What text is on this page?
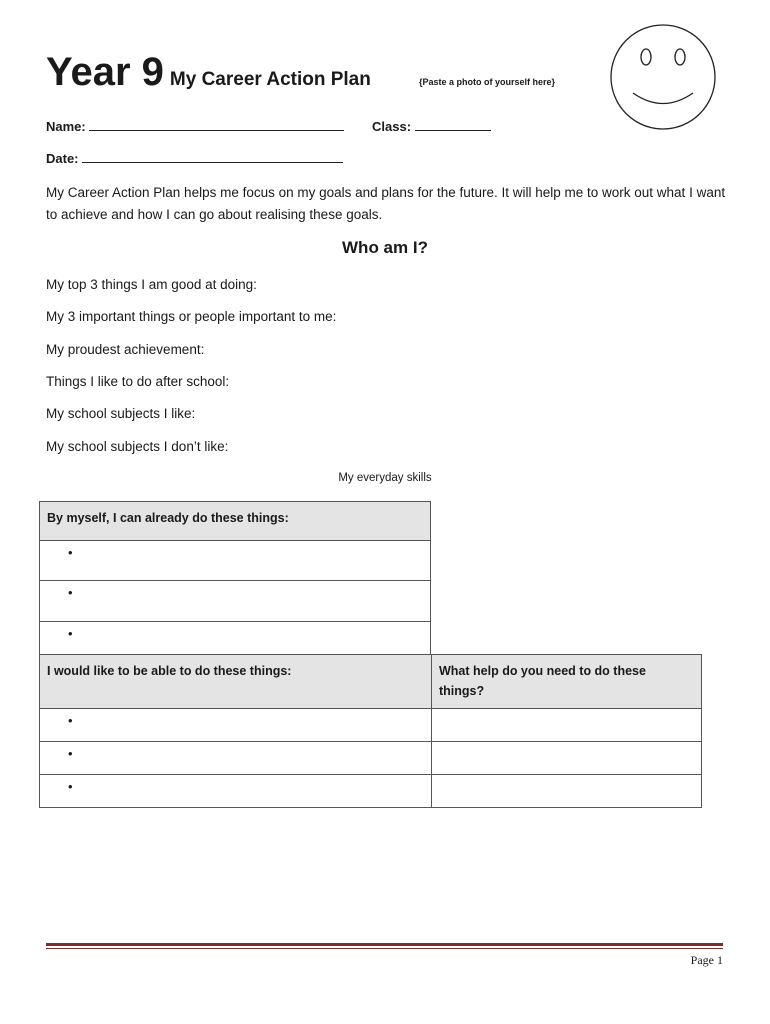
Year 9 My Career Action Plan	{Paste a photo of yourself here}
Name:	Class:
Date:
My Career Action Plan helps me focus on my goals and plans for the future. It will help me to work out what I want to achieve and how I can go about realising these goals.
Who am I?
My top 3 things I am good at doing:
My 3 important things or people important to me:
My proudest achievement:
Things I like to do after school:
My school subjects I like:
My school subjects I don’t like:
My everyday skills
By myself, I can already do these things:
•
•
•
I would like to be able to do these things:	What help do you need to do these things?
•	
•	
•	
Page 1
